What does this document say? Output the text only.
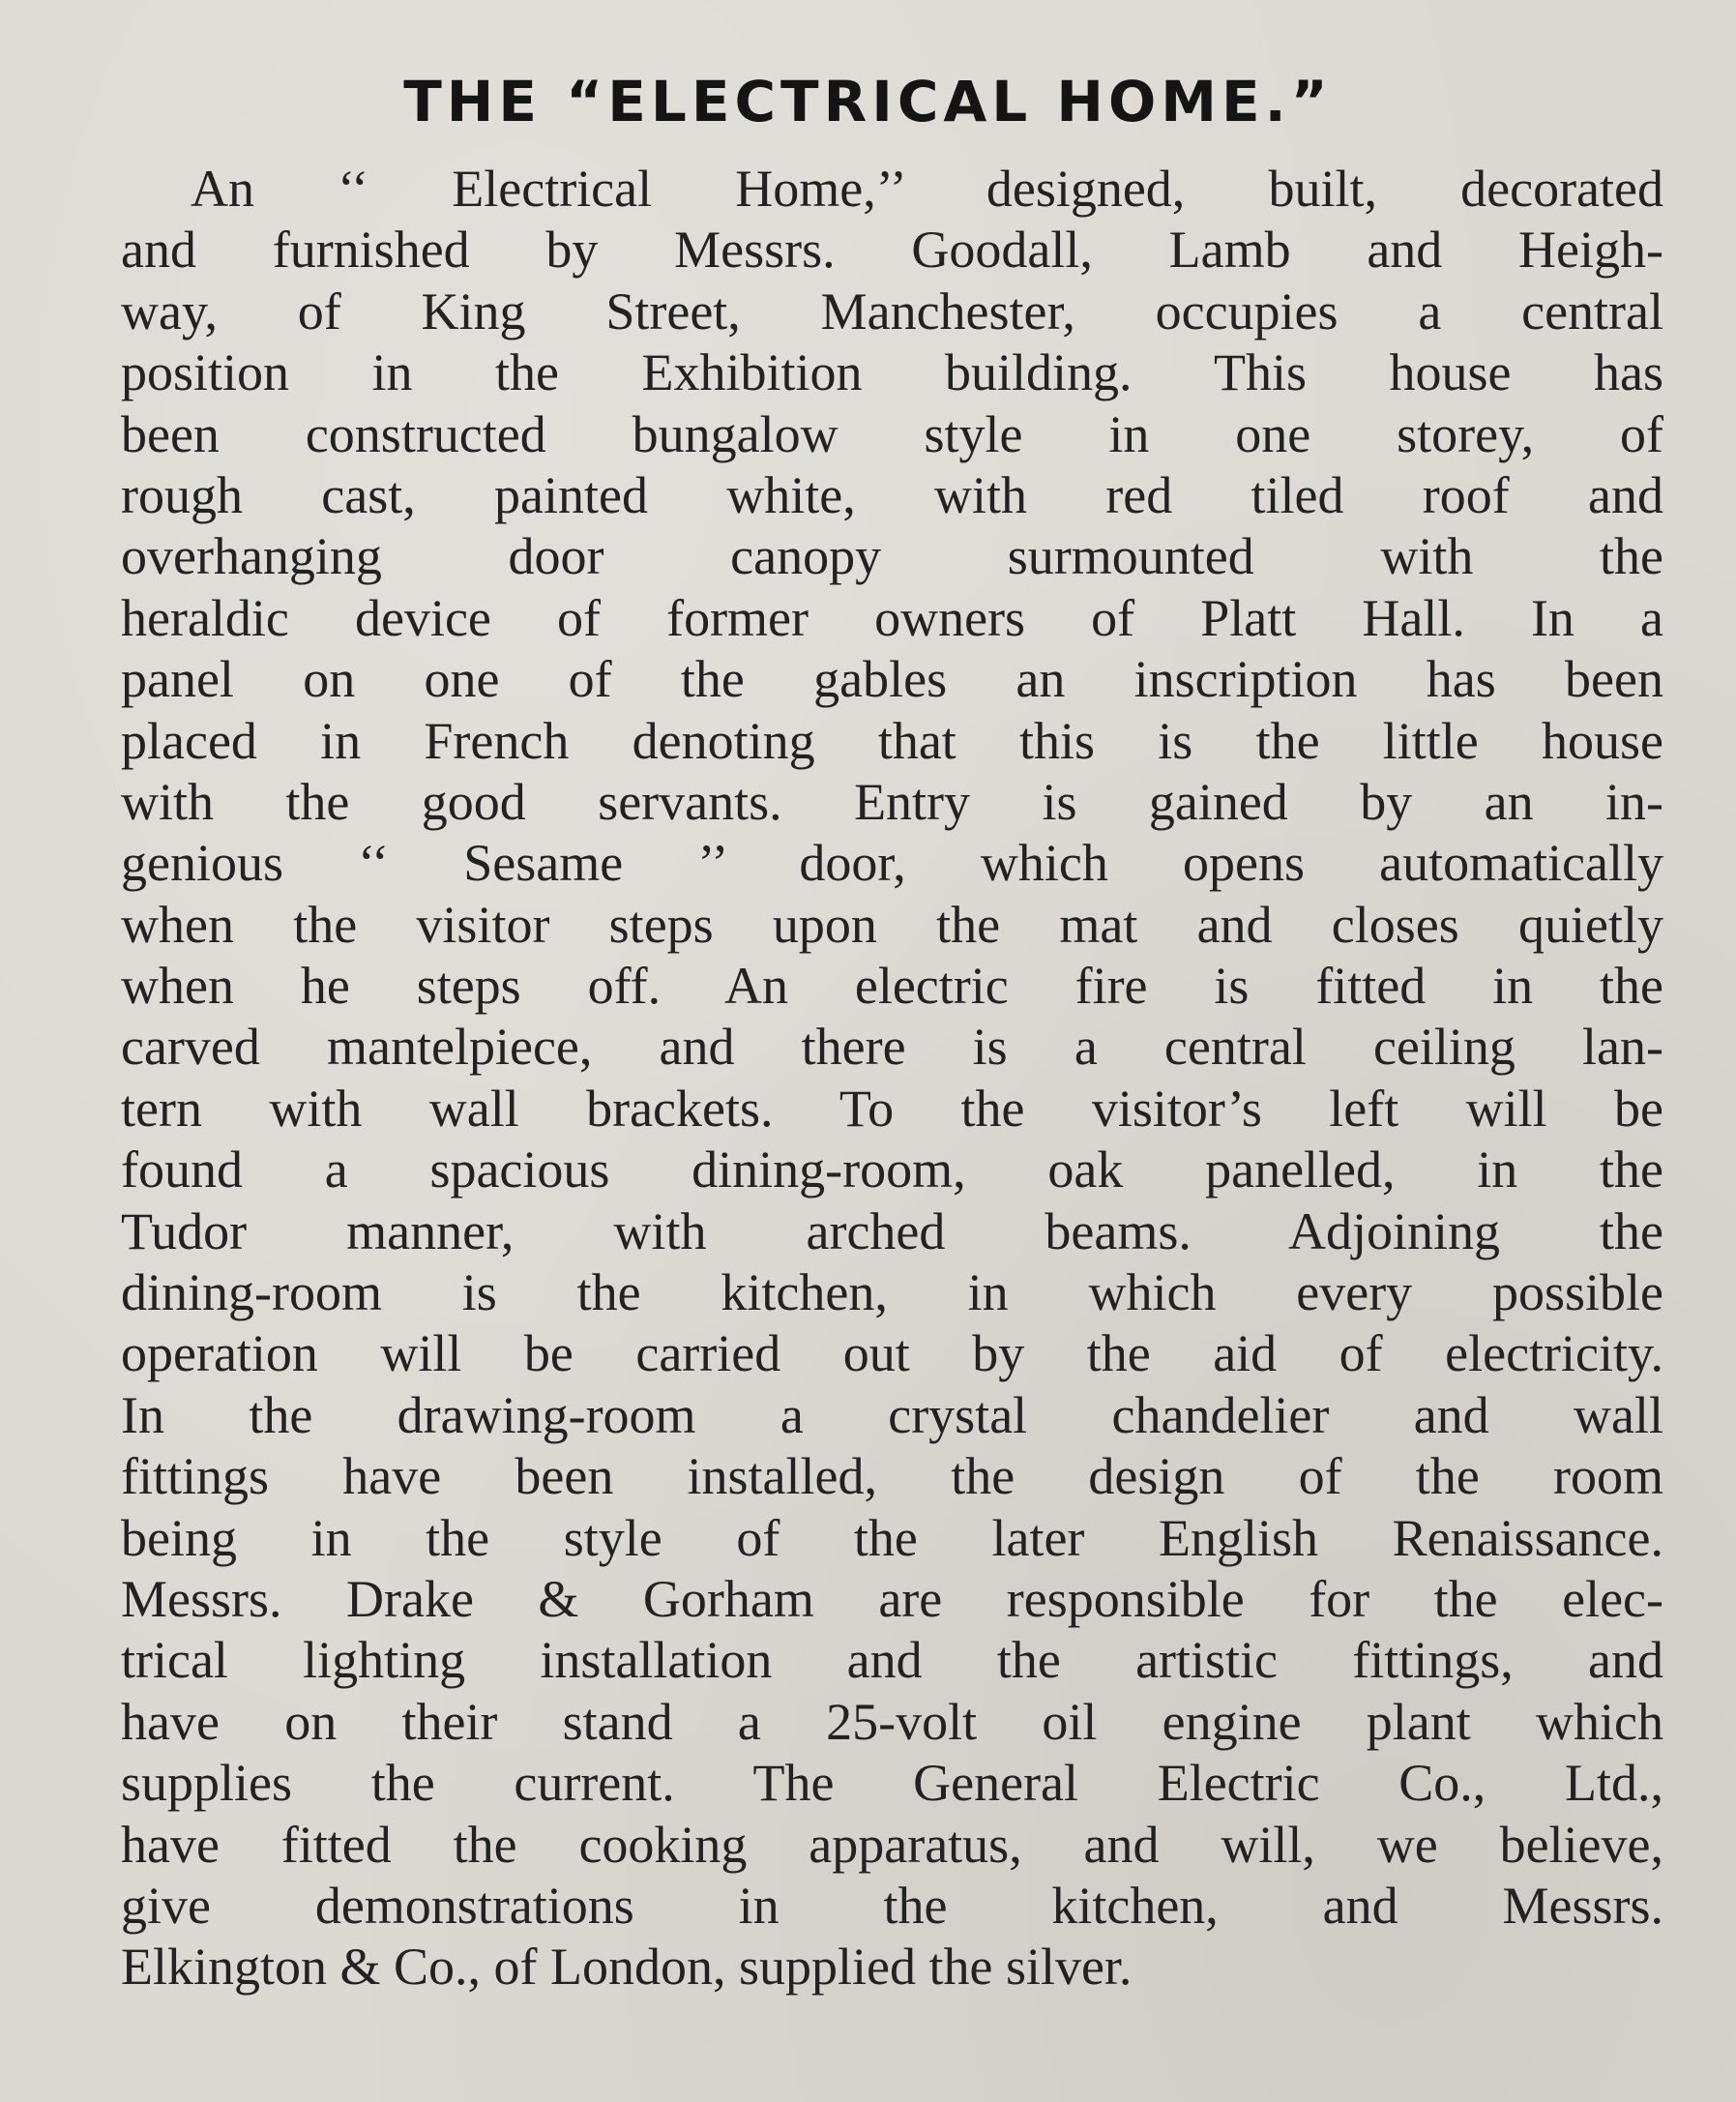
THE “ELECTRICAL HOME.”
An ‘‘ Electrical Home,’’ designed, built, decorated
and furnished by Messrs. Goodall, Lamb and Heigh-
way, of King Street, Manchester, occupies a central
position in the Exhibition building. This house has
been constructed bungalow style in one storey, of
rough cast, painted white, with red tiled roof and
overhanging door canopy surmounted with the
heraldic device of former owners of Platt Hall. In a
panel on one of the gables an inscription has been
placed in French denoting that this is the little house
with the good servants. Entry is gained by an in-
genious ‘‘ Sesame ’’ door, which opens automatically
when the visitor steps upon the mat and closes quietly
when he steps off. An electric fire is fitted in the
carved mantelpiece, and there is a central ceiling lan-
tern with wall brackets. To the visitor’s left will be
found a spacious dining-room, oak panelled, in the
Tudor manner, with arched beams. Adjoining the
dining-room is the kitchen, in which every possible
operation will be carried out by the aid of electricity.
In the drawing-room a crystal chandelier and wall
fittings have been installed, the design of the room
being in the style of the later English Renaissance.
Messrs. Drake & Gorham are responsible for the elec-
trical lighting installation and the artistic fittings, and
have on their stand a 25-volt oil engine plant which
supplies the current. The General Electric Co., Ltd.,
have fitted the cooking apparatus, and will, we believe,
give demonstrations in the kitchen, and Messrs.
Elkington & Co., of London, supplied the silver.
